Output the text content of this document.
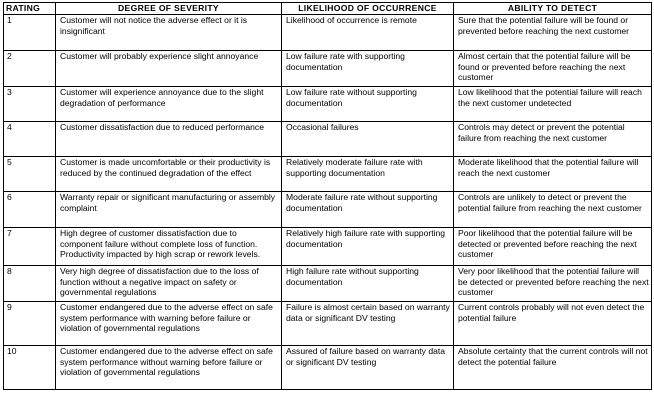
RATING	DEGREE OF SEVERITY	LIKELIHOOD OF OCCURRENCE	ABILITY TO DETECT
1	Customer will not notice the adverse effect or it is insignificant	Likelihood of occurrence is remote	Sure that the potential failure will be found or prevented before reaching the next customer
2	Customer will probably experience slight annoyance	Low failure rate with supporting documentation	Almost certain that the potential failure will be found or prevented before reaching the next customer
3	Customer will experience annoyance due to the slight degradation of performance	Low failure rate without supporting documentation	Low likelihood that the potential failure will reach the next customer undetected
4	Customer dissatisfaction due to reduced performance	Occasional failures	Controls may detect or prevent the potential failure from reaching the next customer
5	Customer is made uncomfortable or their productivity is reduced by the continued degradation of the effect	Relatively moderate failure rate with supporting documentation	Moderate likelihood that the potential failure will reach the next customer
6	Warranty repair or significant manufacturing or assembly complaint	Moderate failure rate without supporting documentation	Controls are unlikely to detect or prevent the potential failure from reaching the next customer
7	High degree of customer dissatisfaction due to component failure without complete loss of function. Productivity impacted by high scrap or rework levels.	Relatively high failure rate with supporting documentation	Poor likelihood that the potential failure will be detected or prevented before reaching the next customer
8	Very high degree of dissatisfaction due to the loss of function without a negative impact on safety or governmental regulations	High failure rate without supporting documentation	Very poor likelihood that the potential failure will be detected or prevented before reaching the next customer
9	Customer endangered due to the adverse effect on safe system performance with warning before failure or violation of governmental regulations	Failure is almost certain based on warranty data or significant DV testing	Current controls probably will not even detect the potential failure
10	Customer endangered due to the adverse effect on safe system performance without warning before failure or violation of governmental regulations	Assured of failure based on warranty data or significant DV testing	Absolute certainty that the current controls will not detect the potential failure
